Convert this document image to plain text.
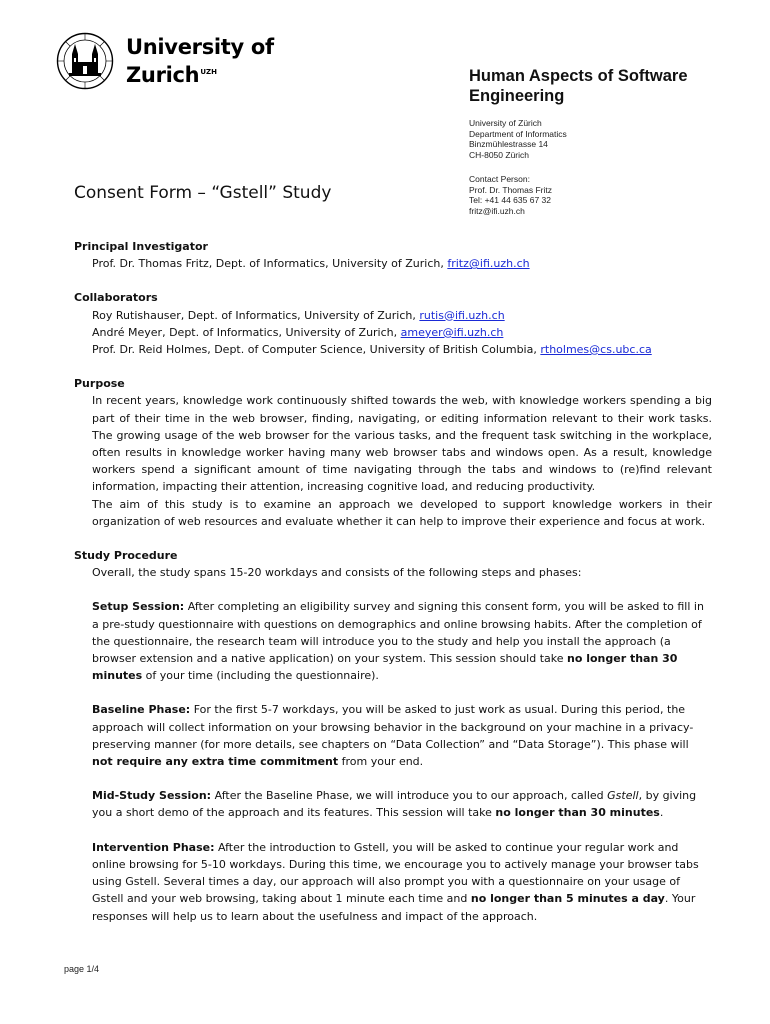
University of
Zurich$^{UZH}$	Human Aspects of Software Engineering
University of Zürich
Department of Informatics
Binzmühlestrasse 14
CH-8050 Zürich
Contact Person:
Prof. Dr. Thomas Fritz
Tel: +41 44 635 67 32
fritz@ifi.uzh.ch
Consent Form – “Gstell” Study

Principal Investigator

Prof. Dr. Thomas Fritz, Dept. of Informatics, University of Zurich, fritz@ifi.uzh.ch

Collaborators

Roy Rutishauser, Dept. of Informatics, University of Zurich, rutis@ifi.uzh.ch

André Meyer, Dept. of Informatics, University of Zurich, ameyer@ifi.uzh.ch

Prof. Dr. Reid Holmes, Dept. of Computer Science, University of British Columbia, rtholmes@cs.ubc.ca

Purpose

In recent years, knowledge work continuously shifted towards the web, with knowledge workers spending a big part of their time in the web browser, finding, navigating, or editing information relevant to their work tasks. The growing usage of the web browser for the various tasks, and the frequent task switching in the workplace, often results in knowledge worker having many web browser tabs and windows open. As a result, knowledge workers spend a significant amount of time navigating through the tabs and windows to (re)find relevant information, impacting their attention, increasing cognitive load, and reducing productivity.

The aim of this study is to examine an approach we developed to support knowledge workers in their organization of web resources and evaluate whether it can help to improve their experience and focus at work.

Study Procedure

Overall, the study spans 15-20 workdays and consists of the following steps and phases:

Setup Session: After completing an eligibility survey and signing this consent form, you will be asked to fill in a pre-study questionnaire with questions on demographics and online browsing habits. After the completion of the questionnaire, the research team will introduce you to the study and help you install the approach (a browser extension and a native application) on your system. This session should take no longer than 30 minutes of your time (including the questionnaire).

Baseline Phase: For the first 5-7 workdays, you will be asked to just work as usual. During this period, the approach will collect information on your browsing behavior in the background on your machine in a privacy-preserving manner (for more details, see chapters on “Data Collection” and “Data Storage”). This phase will not require any extra time commitment from your end.

Mid-Study Session: After the Baseline Phase, we will introduce you to our approach, called Gstell, by giving you a short demo of the approach and its features. This session will take no longer than 30 minutes.

Intervention Phase: After the introduction to Gstell, you will be asked to continue your regular work and online browsing for 5-10 workdays. During this time, we encourage you to actively manage your browser tabs using Gstell. Several times a day, our approach will also prompt you with a questionnaire on your usage of Gstell and your web browsing, taking about 1 minute each time and no longer than 5 minutes a day. Your responses will help us to learn about the usefulness and impact of the approach.

page 1/4
